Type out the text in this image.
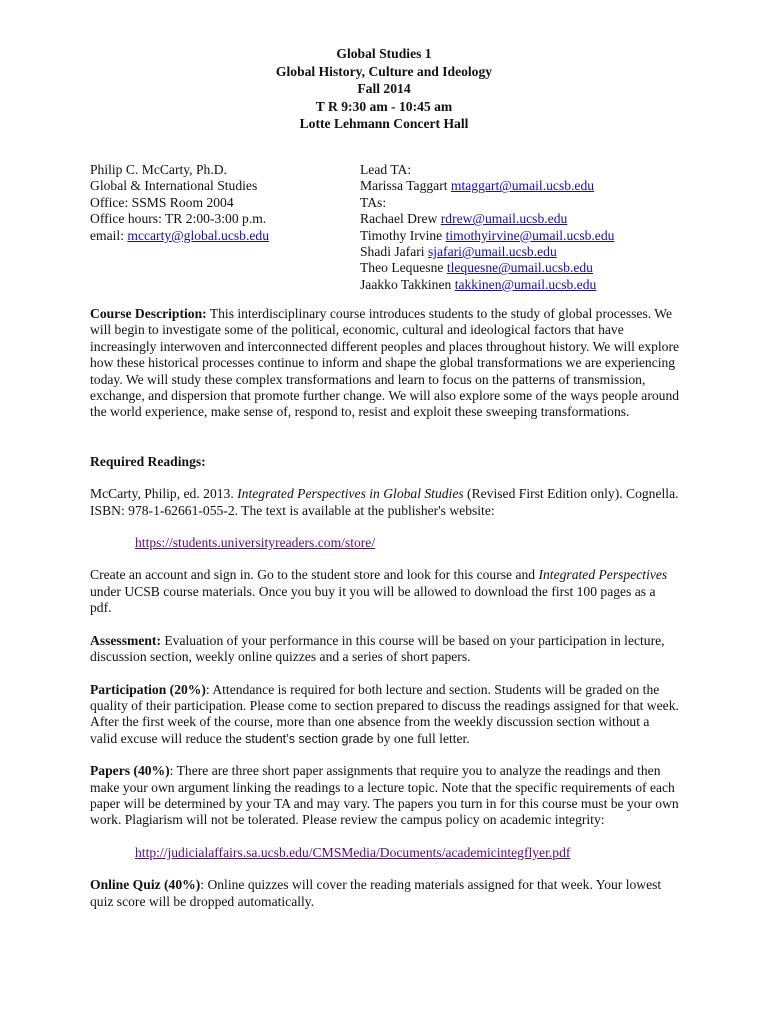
Global Studies 1
Global History, Culture and Ideology
Fall 2014
T R 9:30 am - 10:45 am
Lotte Lehmann Concert Hall
Philip C. McCarty, Ph.D.
Global & International Studies
Office: SSMS Room 2004
Office hours: TR 2:00-3:00 p.m.
email: mccarty@global.ucsb.edu
Lead TA:
Marissa Taggart mtaggart@umail.ucsb.edu
TAs:
Rachael Drew rdrew@umail.ucsb.edu
Timothy Irvine timothyirvine@umail.ucsb.edu
Shadi Jafari sjafari@umail.ucsb.edu
Theo Lequesne tlequesne@umail.ucsb.edu
Jaakko Takkinen takkinen@umail.ucsb.edu

Course Description: This interdisciplinary course introduces students to the study of global processes. We will begin to investigate some of the political, economic, cultural and ideological factors that have increasingly interwoven and interconnected different peoples and places throughout history. We will explore how these historical processes continue to inform and shape the global transformations we are experiencing today. We will study these complex transformations and learn to focus on the patterns of transmission, exchange, and dispersion that promote further change. We will also explore some of the ways people around the world experience, make sense of, respond to, resist and exploit these sweeping transformations.

Required Readings:

McCarty, Philip, ed. 2013. Integrated Perspectives in Global Studies (Revised First Edition only). Cognella. ISBN: 978-1-62661-055-2. The text is available at the publisher's website:

https://students.universityreaders.com/store/

Create an account and sign in. Go to the student store and look for this course and Integrated Perspectives under UCSB course materials. Once you buy it you will be allowed to download the first 100 pages as a pdf.

Assessment: Evaluation of your performance in this course will be based on your participation in lecture, discussion section, weekly online quizzes and a series of short papers.

Participation (20%): Attendance is required for both lecture and section. Students will be graded on the quality of their participation. Please come to section prepared to discuss the readings assigned for that week. After the first week of the course, more than one absence from the weekly discussion section without a valid excuse will reduce the student’s section grade by one full letter.

Papers (40%): There are three short paper assignments that require you to analyze the readings and then make your own argument linking the readings to a lecture topic. Note that the specific requirements of each paper will be determined by your TA and may vary. The papers you turn in for this course must be your own work. Plagiarism will not be tolerated. Please review the campus policy on academic integrity:

http://judicialaffairs.sa.ucsb.edu/CMSMedia/Documents/academicintegflyer.pdf

Online Quiz (40%): Online quizzes will cover the reading materials assigned for that week. Your lowest quiz score will be dropped automatically.
